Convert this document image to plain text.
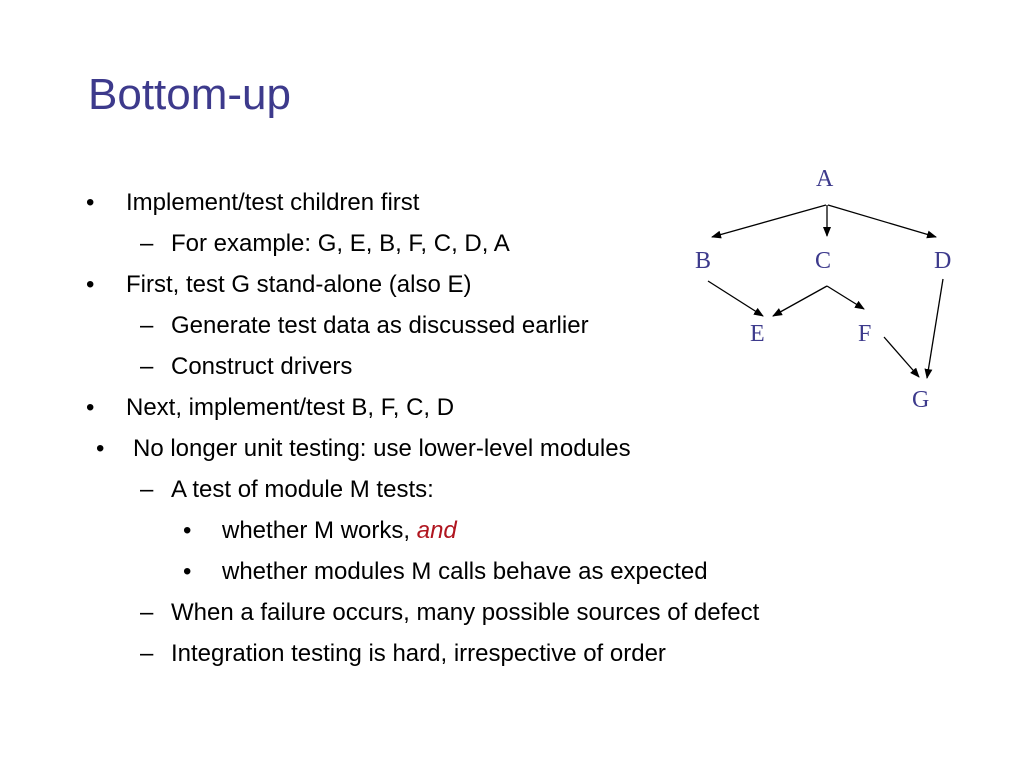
Bottom-up
• Implement/test children first
– For example: G, E, B, F, C, D, A
• First, test G stand-alone (also E)
– Generate test data as discussed earlier
– Construct drivers
• Next, implement/test B, F, C, D
• No longer unit testing: use lower-level modules
– A test of module M tests:
• whether M works, and
• whether modules M calls behave as expected
– When a failure occurs, many possible sources of defect
– Integration testing is hard, irrespective of order
A
B	C	D
E	F
G
